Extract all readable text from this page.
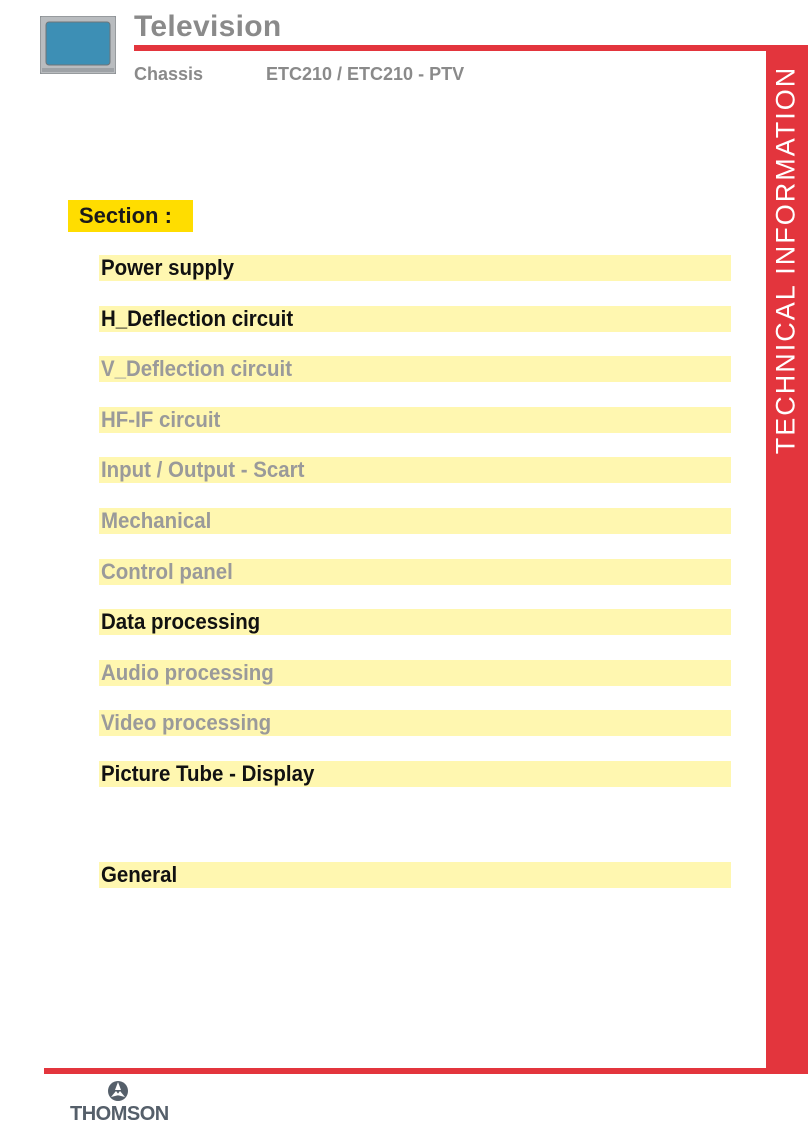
Television
Chassis	ETC210 / ETC210 - PTV	TECHNICAL INFORMATION
Section :
Power supply
H_Deflection circuit
V_Deflection circuit
HF-IF circuit
Input / Output - Scart
Mechanical
Control panel
Data processing
Audio processing
Video processing
Picture Tube - Display
General
THOMSON
